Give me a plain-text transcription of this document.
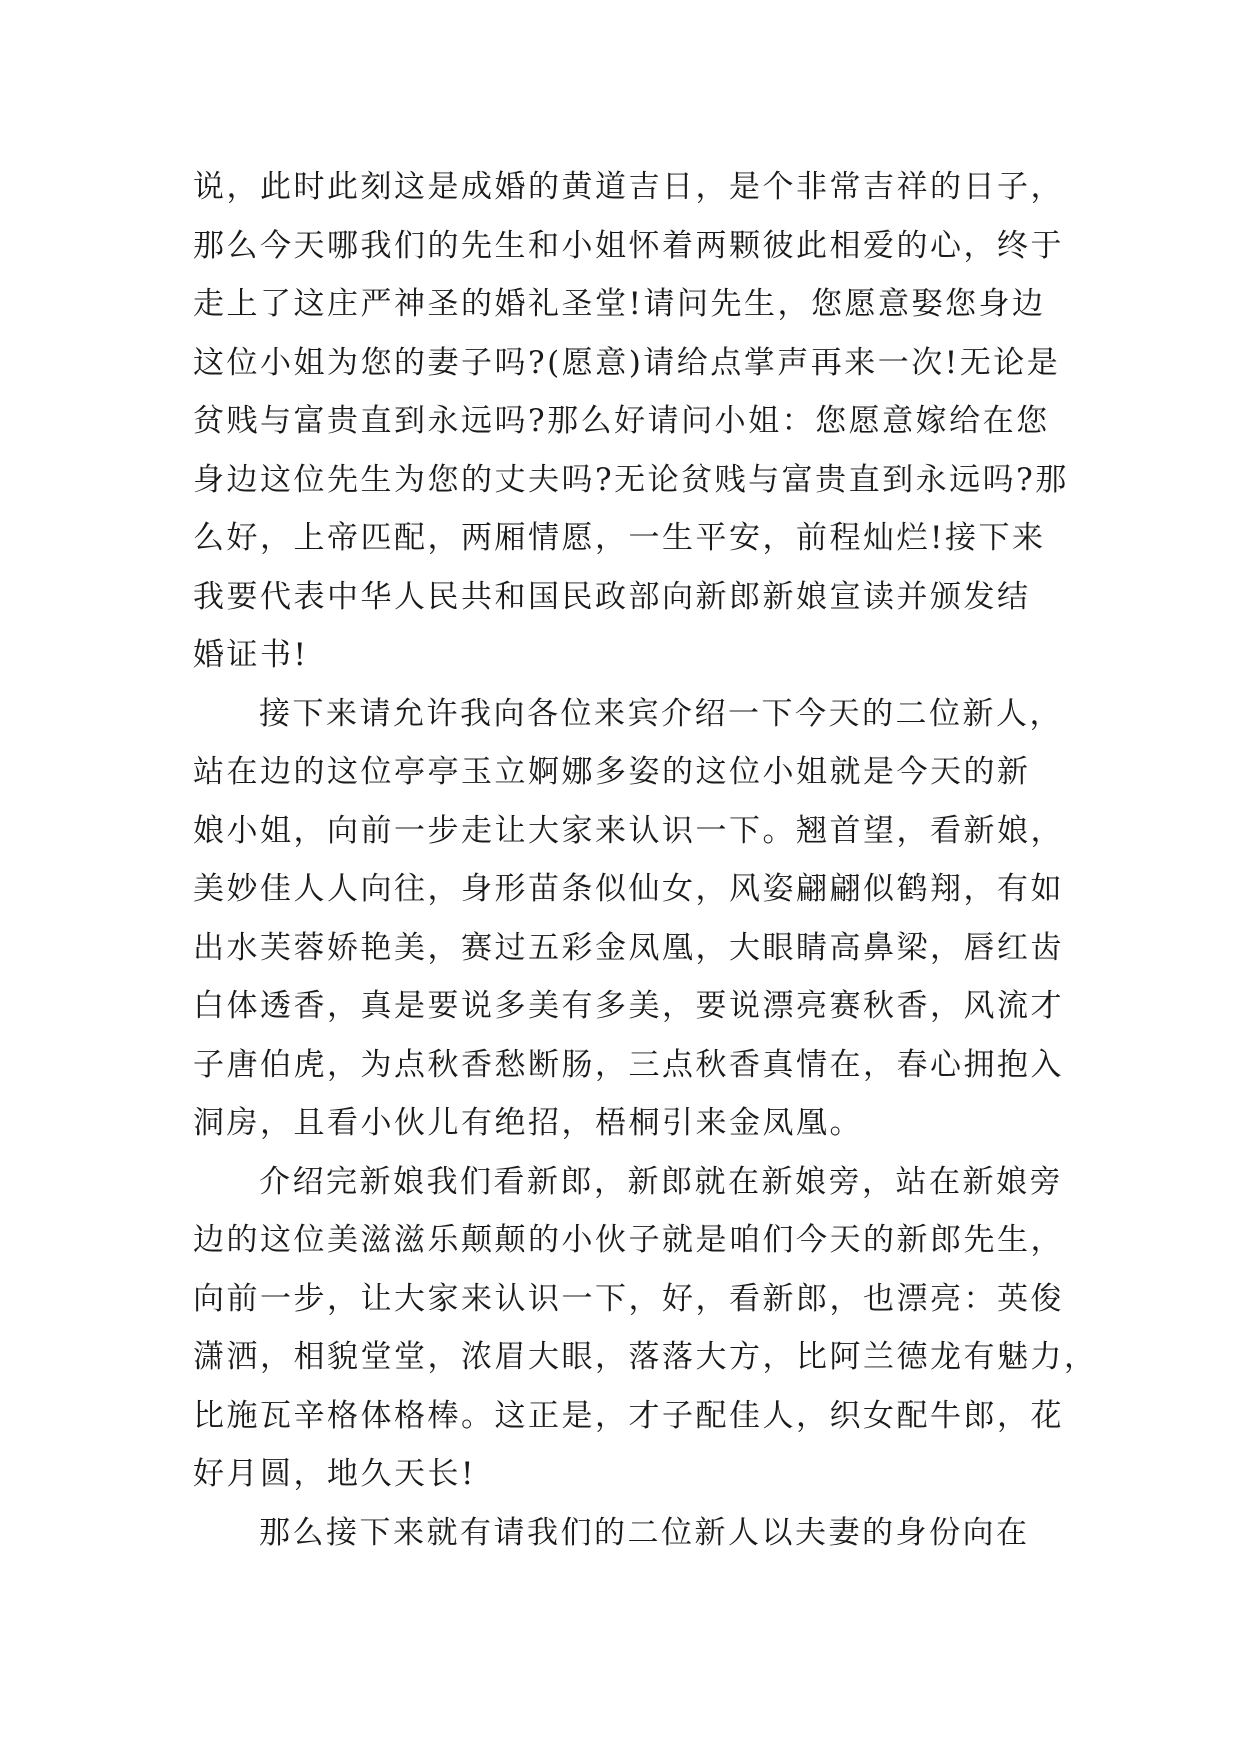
说，此时此刻这是成婚的黄道吉日，是个非常吉祥的日子，
那么今天哪我们的先生和小姐怀着两颗彼此相爱的心，终于
走上了这庄严神圣的婚礼圣堂!请问先生，您愿意娶您身边
这位小姐为您的妻子吗?(愿意)请给点掌声再来一次!无论是
贫贱与富贵直到永远吗?那么好请问小姐：您愿意嫁给在您
身边这位先生为您的丈夫吗?无论贫贱与富贵直到永远吗?那
么好，上帝匹配，两厢情愿，一生平安，前程灿烂!接下来
我要代表中华人民共和国民政部向新郎新娘宣读并颁发结
婚证书!
接下来请允许我向各位来宾介绍一下今天的二位新人，
站在边的这位亭亭玉立婀娜多姿的这位小姐就是今天的新
娘小姐，向前一步走让大家来认识一下。翘首望，看新娘，
美妙佳人人向往，身形苗条似仙女，风姿翩翩似鹤翔，有如
出水芙蓉娇艳美，赛过五彩金凤凰，大眼睛高鼻梁，唇红齿
白体透香，真是要说多美有多美，要说漂亮赛秋香，风流才
子唐伯虎，为点秋香愁断肠，三点秋香真情在，春心拥抱入
洞房，且看小伙儿有绝招，梧桐引来金凤凰。
介绍完新娘我们看新郎，新郎就在新娘旁，站在新娘旁
边的这位美滋滋乐颠颠的小伙子就是咱们今天的新郎先生，
向前一步，让大家来认识一下，好，看新郎，也漂亮：英俊
潇洒，相貌堂堂，浓眉大眼，落落大方，比阿兰德龙有魅力，
比施瓦辛格体格棒。这正是，才子配佳人，织女配牛郎，花
好月圆，地久天长!
那么接下来就有请我们的二位新人以夫妻的身份向在
